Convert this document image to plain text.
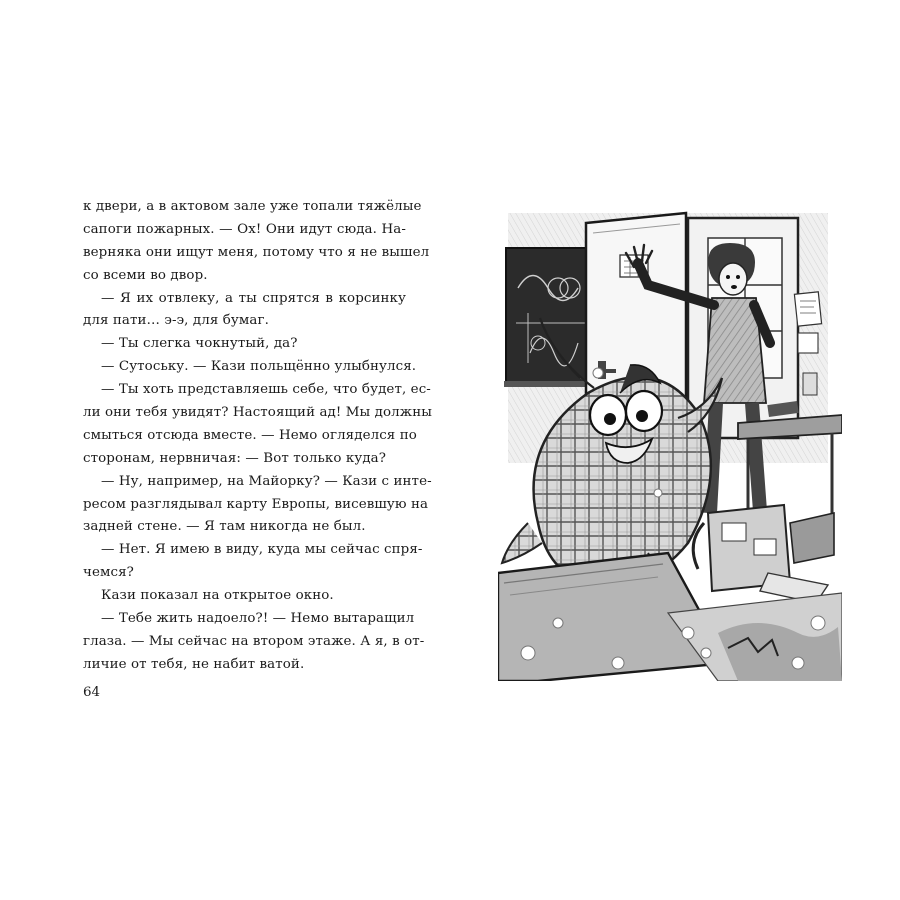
к двери, а в актовом зале уже топали тяжёлые
сапоги пожарных. — Ох! Они идут сюда. На-
верняка они ищут меня, потому что я не вышел
со всеми во двор.
— Я их отвлеку, а ты спрятся в корсинку
для пати… э-э, для бумаг.
— Ты слегка чокнутый, да?
— Сутоську. — Кази польщённо улыбнулся.
— Ты хоть представляешь себе, что будет, ес-
ли они тебя увидят? Настоящий ад! Мы должны
смыться отсюда вместе. — Немо огляделся по
сторонам, нервничая: — Вот только куда?
— Ну, например, на Майорку? — Кази с инте-
ресом разглядывал карту Европы, висевшую на
задней стене. — Я там никогда не был.
— Нет. Я имею в виду, куда мы сейчас спря-
чемся?
Кази показал на открытое окно.
— Тебе жить надоело?! — Немо вытаращил
глаза. — Мы сейчас на втором этаже. А я, в от-
личие от тебя, не набит ватой.
64
